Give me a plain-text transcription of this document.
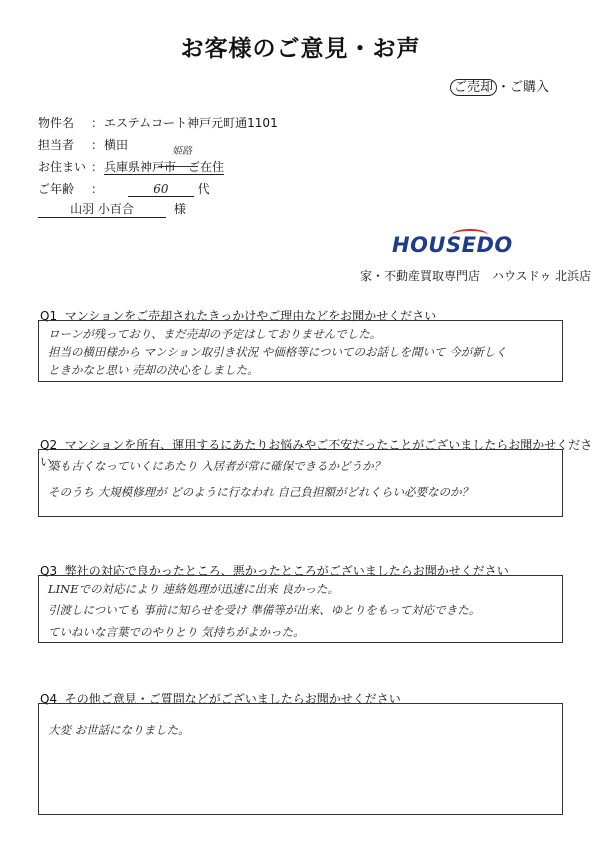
お客様のご意見・お声
ご売却 ・ご購入
物件名 ：エステムコート神戸元町通1101
担当者 ：横田	姫路
お住まい ：兵庫県神戸市　ご在住
ご年齢 ：	60 代
山羽 小百合	様
HOUSEDO
家・不動産買取専門店　ハウスドゥ 北浜店
Q1 マンションをご売却されたきっかけやご理由などをお聞かせください
ローンが残っており、まだ売却の予定はしておりませんでした。
担当の横田様から マンション取引き状況 や価格等についてのお話しを聞いて 今が新しく
ときかなと思い 売却の決心をしました。
Q2 マンションを所有、運用するにあたりお悩みやご不安だったことがございましたらお聞かせください
築も古くなっていくにあたり 入居者が常に確保できるかどうか？
そのうち 大規模修理が どのように行なわれ 自己負担額がどれくらい必要なのか？
Q3 弊社の対応で良かったところ、悪かったところがございましたらお聞かせください
LINEでの対応により 連絡処理が迅速に出来 良かった。
引渡しについても 事前に知らせを受け 準備等が出来、ゆとりをもって対応できた。
ていねいな言葉でのやりとり 気持ちがよかった。
Q4 その他ご意見・ご質問などがございましたらお聞かせください
大変 お世話になりました。
